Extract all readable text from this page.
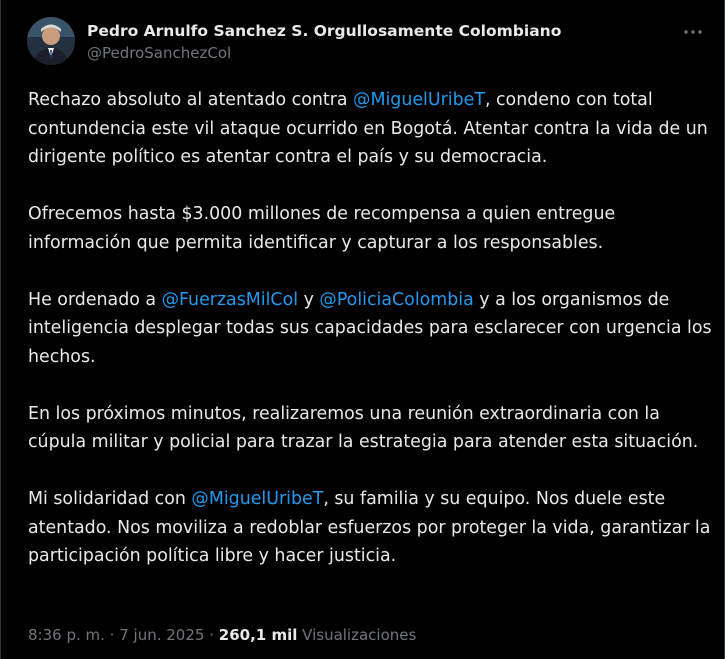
Pedro Arnulfo Sanchez S. Orgullosamente Colombiano
@PedroSanchezCol

Rechazo absoluto al atentado contra @MiguelUribeT, condeno con total contundencia este vil ataque ocurrido en Bogotá. Atentar contra la vida de un dirigente político es atentar contra el país y su democracia.

Ofrecemos hasta $3.000 millones de recompensa a quien entregue información que permita identificar y capturar a los responsables.

He ordenado a @FuerzasMilCol y @PoliciaColombia y a los organismos de inteligencia desplegar todas sus capacidades para esclarecer con urgencia los hechos.

En los próximos minutos, realizaremos una reunión extraordinaria con la cúpula militar y policial para trazar la estrategia para atender esta situación.

Mi solidaridad con @MiguelUribeT, su familia y su equipo. Nos duele este atentado. Nos moviliza a redoblar esfuerzos por proteger la vida, garantizar la participación política libre y hacer justicia.

8:36 p. m. · 7 jun. 2025 · 260,1 mil Visualizaciones
